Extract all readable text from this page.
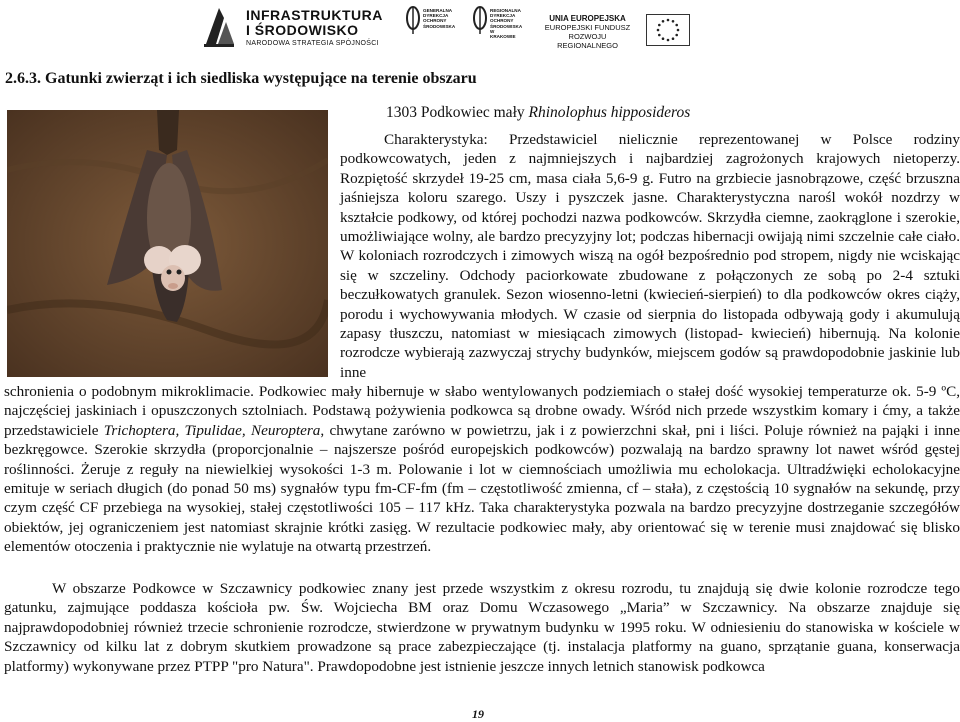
INFRASTRUKTURA
I ŚRODOWISKO
NARODOWA STRATEGIA SPÓJNOŚCI
GENERALNA DYREKCJA OCHRONY ŚRODOWISKA
REGIONALNA DYREKCJA OCHRONY ŚRODOWISKA W KRAKOWIE
UNIA EUROPEJSKA
EUROPEJSKI FUNDUSZ
ROZWOJU REGIONALNEGO
2.6.3. Gatunki zwierząt i ich siedliska występujące na terenie obszaru
1303 Podkowiec mały Rhinolophus hipposideros
Charakterystyka: Przedstawiciel nielicznie reprezentowanej w Polsce rodziny podkowcowatych, jeden z najmniejszych i najbardziej zagrożonych krajowych nietoperzy. Rozpiętość skrzydeł 19-25 cm, masa ciała 5,6-9 g. Futro na grzbiecie jasnobrązowe, część brzuszna jaśniejsza koloru szarego. Uszy i pyszczek jasne. Charakterystyczna narośl wokół nozdrzy w kształcie podkowy, od której pochodzi nazwa podkowców. Skrzydła ciemne, zaokrąglone i szerokie, umożliwiające wolny, ale bardzo precyzyjny lot; podczas hibernacji owijają nimi szczelnie całe ciało. W koloniach rozrodczych i zimowych wiszą na ogół bezpośrednio pod stropem, nigdy nie wciskając się w szczeliny. Odchody paciorkowate zbudowane z połączonych ze sobą po 2-4 sztuki beczułkowatych granulek. Sezon wiosenno-letni (kwiecień-sierpień) to dla podkowców okres ciąży, porodu i wychowywania młodych. W czasie od sierpnia do listopada odbywają gody i akumulują zapasy tłuszczu, natomiast w miesiącach zimowych (listopad- kwiecień) hibernują. Na kolonie rozrodcze wybierają zazwyczaj strychy budynków, miejscem godów są prawdopodobnie jaskinie lub inne
schronienia o podobnym mikroklimacie. Podkowiec mały hibernuje w słabo wentylowanych podziemiach o stałej dość wysokiej temperaturze ok. 5-9 ºC, najczęściej jaskiniach i opuszczonych sztolniach. Podstawą pożywienia podkowca są drobne owady. Wśród nich przede wszystkim komary i ćmy, a także przedstawiciele Trichoptera, Tipulidae, Neuroptera, chwytane zarówno w powietrzu, jak i z powierzchni skał, pni i liści. Poluje również na pająki i inne bezkręgowce. Szerokie skrzydła (proporcjonalnie – najszersze pośród europejskich podkowców) pozwalają na bardzo sprawny lot nawet wśród gęstej roślinności. Żeruje z reguły na niewielkiej wysokości 1-3 m. Polowanie i lot w ciemnościach umożliwia mu echolokacja. Ultradźwięki echolokacyjne emituje w seriach długich (do ponad 50 ms) sygnałów typu fm-CF-fm (fm – częstotliwość zmienna, cf – stała), z częstością 10 sygnałów na sekundę, przy czym część CF przebiega na wysokiej, stałej częstotliwości 105 – 117 kHz. Taka charakterystyka pozwala na bardzo precyzyjne dostrzeganie szczegółów obiektów, jej ograniczeniem jest natomiast skrajnie krótki zasięg. W rezultacie podkowiec mały, aby orientować się w terenie musi znajdować się blisko elementów otoczenia i praktycznie nie wylatuje na otwartą przestrzeń.
W obszarze Podkowce w Szczawnicy podkowiec znany jest przede wszystkim z okresu rozrodu, tu znajdują się dwie kolonie rozrodcze tego gatunku, zajmujące poddasza kościoła pw. Św. Wojciecha BM oraz Domu Wczasowego „Maria” w Szczawnicy. Na obszarze znajduje się najprawdopodobniej również trzecie schronienie rozrodcze, stwierdzone w prywatnym budynku w 1995 roku. W odniesieniu do stanowiska w kościele w Szczawnicy od kilku lat z dobrym skutkiem prowadzone są prace zabezpieczające (tj. instalacja platformy na guano, sprzątanie guana, konserwacja platformy) wykonywane przez PTPP "pro Natura". Prawdopodobne jest istnienie jeszcze innych letnich stanowisk podkowca
19
